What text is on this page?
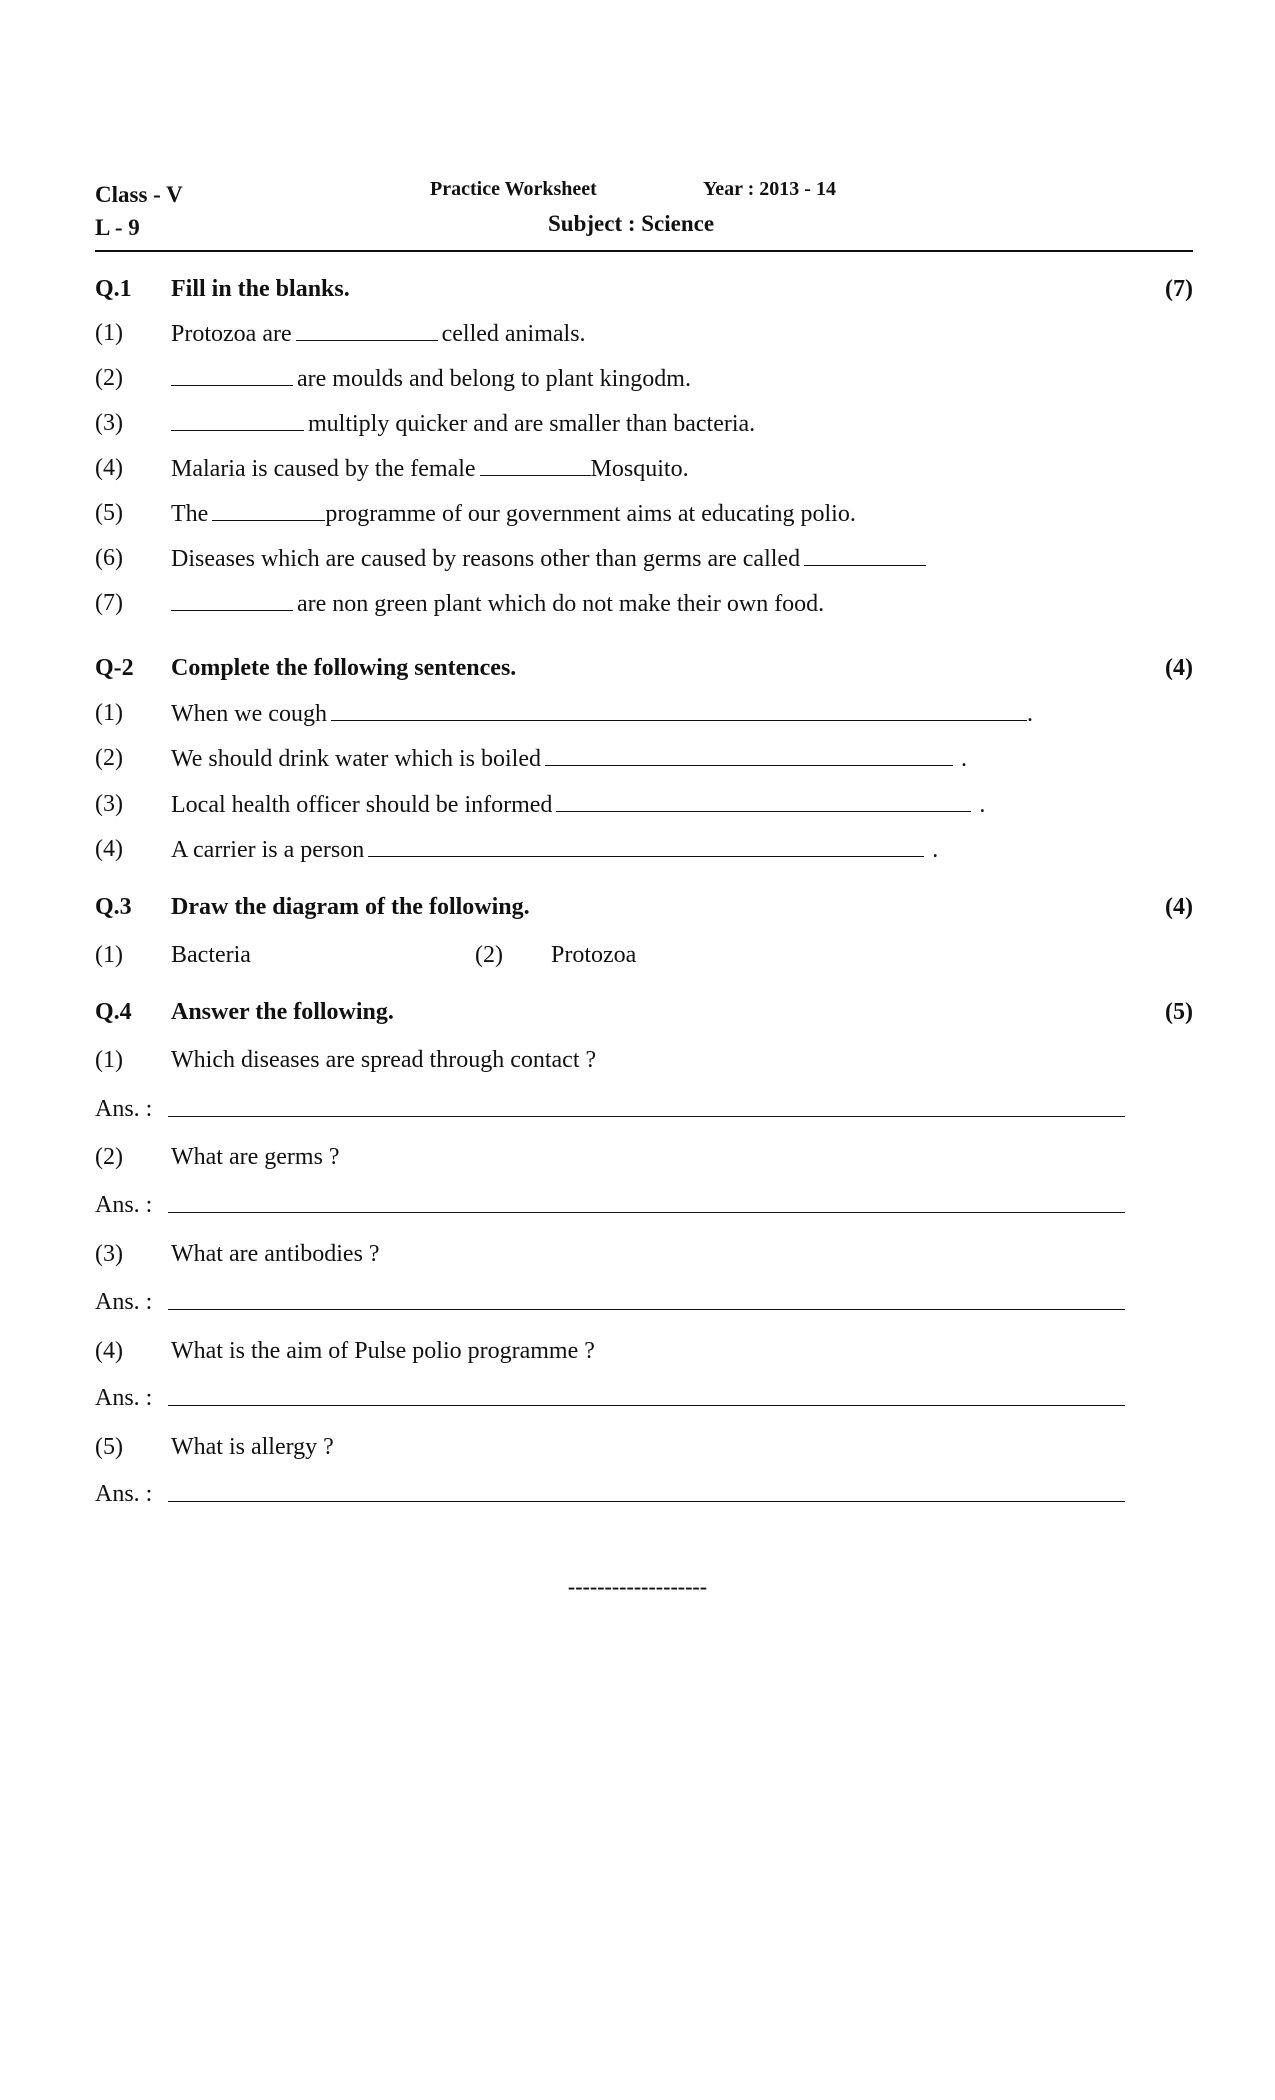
Class - V
L - 9
Practice Worksheet	Year : 2013 - 14
Subject : Science
Q.1 Fill in the blanks.	(7)
(1) Protozoa are	celled animals.
(2)	are moulds and belong to plant kingodm.
(3)	multiply quicker and are smaller than bacteria.
(4) Malaria is caused by the female	Mosquito.
(5) The	programme of our government aims at educating polio.
(6) Diseases which are caused by reasons other than germs are called
(7)	are non green plant which do not make their own food.
Q-2 Complete the following sentences.	(4)
(1) When we cough	.
(2) We should drink water which is boiled	.
(3) Local health officer should be informed	.
(4) A carrier is a person	.
Q.3 Draw the diagram of the following.	(4)
(1) Bacteria	(2) Protozoa
Q.4 Answer the following.	(5)
(1) Which diseases are spread through contact ?
Ans. :
(2) What are germs ?
Ans. :
(3) What are antibodies ?
Ans. :
(4) What is the aim of Pulse polio programme ?
Ans. :
(5) What is allergy ?
Ans. :
-------------------
